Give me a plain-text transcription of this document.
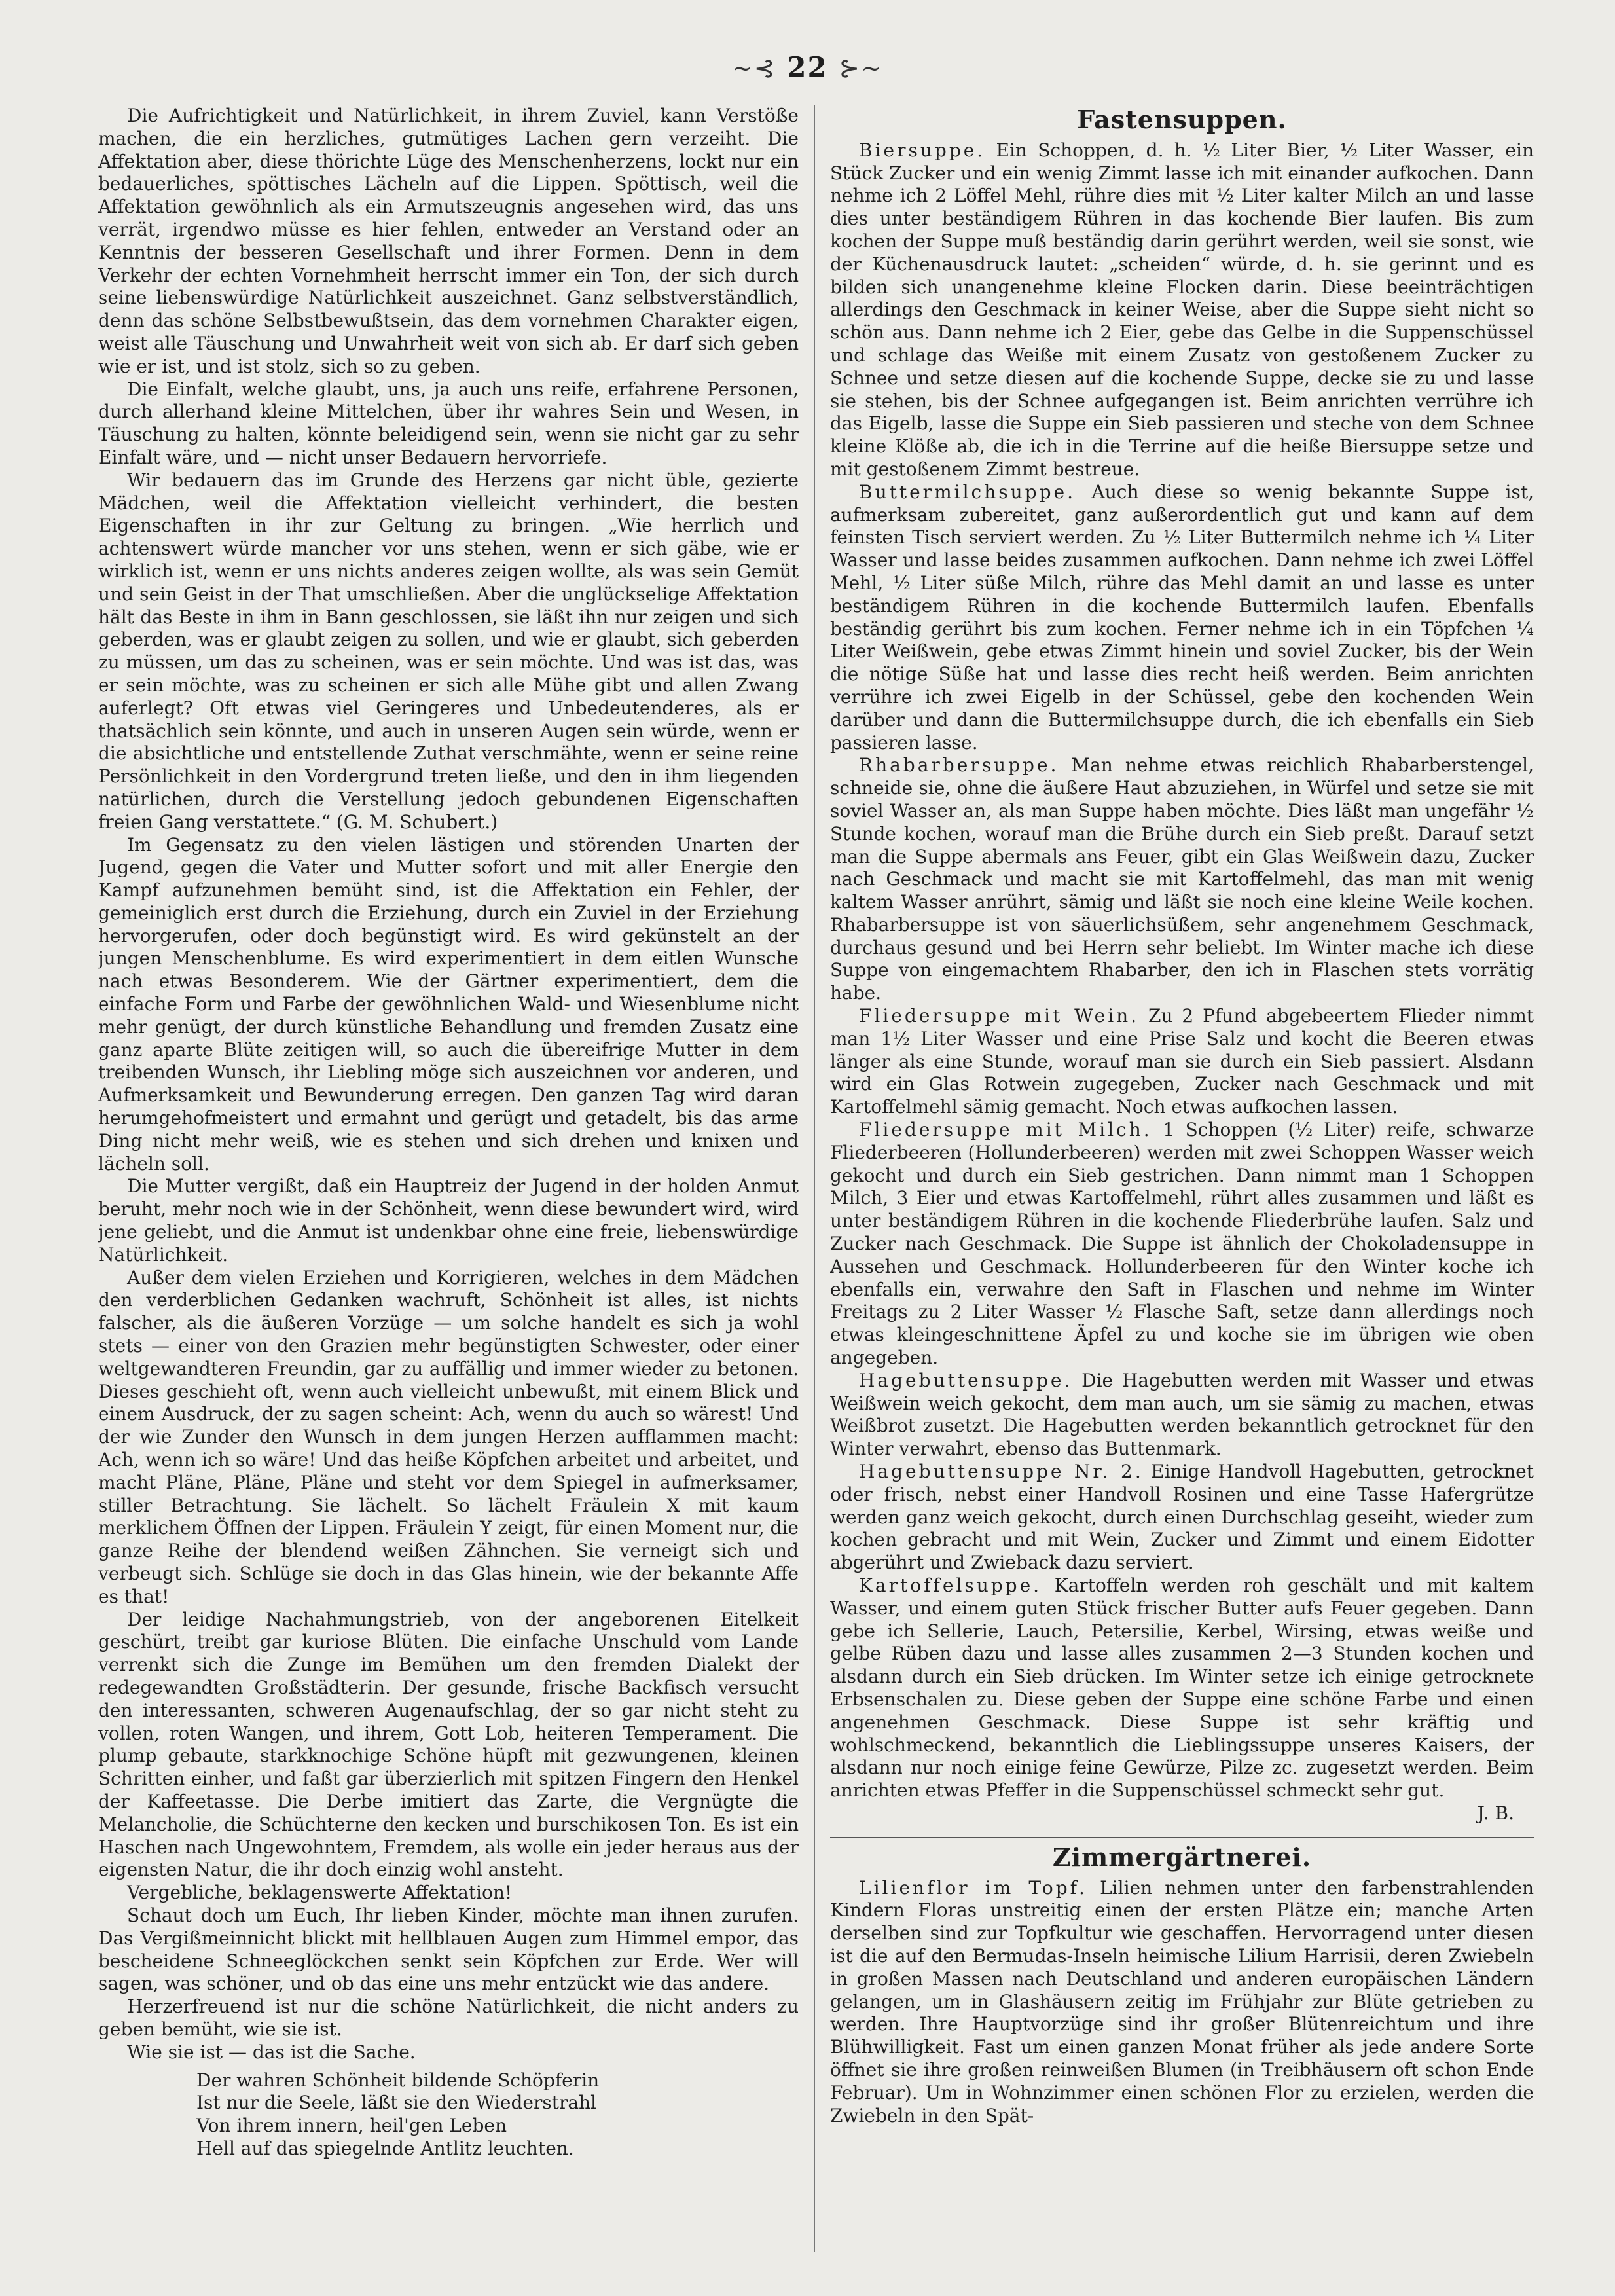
~⊰ 22 ⊱~

Die Aufrichtigkeit und Natürlichkeit, in ihrem Zuviel, kann Verstöße machen, die ein herzliches, gutmütiges Lachen gern verzeiht. Die Affektation aber, diese thörichte Lüge des Menschenherzens, lockt nur ein bedauerliches, spöttisches Lächeln auf die Lippen. Spöttisch, weil die Affektation gewöhnlich als ein Armutszeugnis angesehen wird, das uns verrät, irgendwo müsse es hier fehlen, entweder an Verstand oder an Kenntnis der besseren Gesellschaft und ihrer Formen. Denn in dem Verkehr der echten Vornehmheit herrscht immer ein Ton, der sich durch seine liebenswürdige Natürlichkeit auszeichnet. Ganz selbstverständlich, denn das schöne Selbstbewußtsein, das dem vornehmen Charakter eigen, weist alle Täuschung und Unwahrheit weit von sich ab. Er darf sich geben wie er ist, und ist stolz, sich so zu geben.

Die Einfalt, welche glaubt, uns, ja auch uns reife, erfahrene Personen, durch allerhand kleine Mittelchen, über ihr wahres Sein und Wesen, in Täuschung zu halten, könnte beleidigend sein, wenn sie nicht gar zu sehr Einfalt wäre, und — nicht unser Bedauern hervorriefe.

Wir bedauern das im Grunde des Herzens gar nicht üble, gezierte Mädchen, weil die Affektation vielleicht verhindert, die besten Eigenschaften in ihr zur Geltung zu bringen. „Wie herrlich und achtenswert würde mancher vor uns stehen, wenn er sich gäbe, wie er wirklich ist, wenn er uns nichts anderes zeigen wollte, als was sein Gemüt und sein Geist in der That umschließen. Aber die unglückselige Affektation hält das Beste in ihm in Bann geschlossen, sie läßt ihn nur zeigen und sich geberden, was er glaubt zeigen zu sollen, und wie er glaubt, sich geberden zu müssen, um das zu scheinen, was er sein möchte. Und was ist das, was er sein möchte, was zu scheinen er sich alle Mühe gibt und allen Zwang auferlegt? Oft etwas viel Geringeres und Unbedeutenderes, als er thatsächlich sein könnte, und auch in unseren Augen sein würde, wenn er die absichtliche und entstellende Zuthat verschmähte, wenn er seine reine Persönlichkeit in den Vordergrund treten ließe, und den in ihm liegenden natürlichen, durch die Verstellung jedoch gebundenen Eigenschaften freien Gang verstattete.“ (G. M. Schubert.)

Im Gegensatz zu den vielen lästigen und störenden Unarten der Jugend, gegen die Vater und Mutter sofort und mit aller Energie den Kampf aufzunehmen bemüht sind, ist die Affektation ein Fehler, der gemeiniglich erst durch die Erziehung, durch ein Zuviel in der Erziehung hervorgerufen, oder doch begünstigt wird. Es wird gekünstelt an der jungen Menschenblume. Es wird experimentiert in dem eitlen Wunsche nach etwas Besonderem. Wie der Gärtner experimentiert, dem die einfache Form und Farbe der gewöhnlichen Wald- und Wiesenblume nicht mehr genügt, der durch künstliche Behandlung und fremden Zusatz eine ganz aparte Blüte zeitigen will, so auch die übereifrige Mutter in dem treibenden Wunsch, ihr Liebling möge sich auszeichnen vor anderen, und Aufmerksamkeit und Bewunderung erregen. Den ganzen Tag wird daran herumgehofmeistert und ermahnt und gerügt und getadelt, bis das arme Ding nicht mehr weiß, wie es stehen und sich drehen und knixen und lächeln soll.

Die Mutter vergißt, daß ein Hauptreiz der Jugend in der holden Anmut beruht, mehr noch wie in der Schönheit, wenn diese bewundert wird, wird jene geliebt, und die Anmut ist undenkbar ohne eine freie, liebenswürdige Natürlichkeit.

Außer dem vielen Erziehen und Korrigieren, welches in dem Mädchen den verderblichen Gedanken wachruft, Schönheit ist alles, ist nichts falscher, als die äußeren Vorzüge — um solche handelt es sich ja wohl stets — einer von den Grazien mehr begünstigten Schwester, oder einer weltgewandteren Freundin, gar zu auffällig und immer wieder zu betonen. Dieses geschieht oft, wenn auch vielleicht unbewußt, mit einem Blick und einem Ausdruck, der zu sagen scheint: Ach, wenn du auch so wärest! Und der wie Zunder den Wunsch in dem jungen Herzen aufflammen macht: Ach, wenn ich so wäre! Und das heiße Köpfchen arbeitet und arbeitet, und macht Pläne, Pläne, Pläne und steht vor dem Spiegel in aufmerksamer, stiller Betrachtung. Sie lächelt. So lächelt Fräulein X mit kaum merklichem Öffnen der Lippen. Fräulein Y zeigt, für einen Moment nur, die ganze Reihe der blendend weißen Zähnchen. Sie verneigt sich und verbeugt sich. Schlüge sie doch in das Glas hinein, wie der bekannte Affe es that!

Der leidige Nachahmungstrieb, von der angeborenen Eitelkeit geschürt, treibt gar kuriose Blüten. Die einfache Unschuld vom Lande verrenkt sich die Zunge im Bemühen um den fremden Dialekt der redegewandten Großstädterin. Der gesunde, frische Backfisch versucht den interessanten, schweren Augenaufschlag, der so gar nicht steht zu vollen, roten Wangen, und ihrem, Gott Lob, heiteren Temperament. Die plump gebaute, starkknochige Schöne hüpft mit gezwungenen, kleinen Schritten einher, und faßt gar überzierlich mit spitzen Fingern den Henkel der Kaffeetasse. Die Derbe imitiert das Zarte, die Vergnügte die Melancholie, die Schüchterne den kecken und burschikosen Ton. Es ist ein Haschen nach Ungewohntem, Fremdem, als wolle ein jeder heraus aus der eigensten Natur, die ihr doch einzig wohl ansteht.

Vergebliche, beklagenswerte Affektation!

Schaut doch um Euch, Ihr lieben Kinder, möchte man ihnen zurufen. Das Vergißmeinnicht blickt mit hellblauen Augen zum Himmel empor, das bescheidene Schneeglöckchen senkt sein Köpfchen zur Erde. Wer will sagen, was schöner, und ob das eine uns mehr entzückt wie das andere.

Herzerfreuend ist nur die schöne Natürlichkeit, die nicht anders zu geben bemüht, wie sie ist.

Wie sie ist — das ist die Sache.

Der wahren Schönheit bildende Schöpferin
Ist nur die Seele, läßt sie den Wiederstrahl
Von ihrem innern, heil'gen Leben
Hell auf das spiegelnde Antlitz leuchten.
Fastensuppen.

Biersuppe. Ein Schoppen, d. h. ½ Liter Bier, ½ Liter Wasser, ein Stück Zucker und ein wenig Zimmt lasse ich mit einander aufkochen. Dann nehme ich 2 Löffel Mehl, rühre dies mit ½ Liter kalter Milch an und lasse dies unter beständigem Rühren in das kochende Bier laufen. Bis zum kochen der Suppe muß beständig darin gerührt werden, weil sie sonst, wie der Küchenausdruck lautet: „scheiden“ würde, d. h. sie gerinnt und es bilden sich unangenehme kleine Flocken darin. Diese beeinträchtigen allerdings den Geschmack in keiner Weise, aber die Suppe sieht nicht so schön aus. Dann nehme ich 2 Eier, gebe das Gelbe in die Suppenschüssel und schlage das Weiße mit einem Zusatz von gestoßenem Zucker zu Schnee und setze diesen auf die kochende Suppe, decke sie zu und lasse sie stehen, bis der Schnee aufgegangen ist. Beim anrichten verrühre ich das Eigelb, lasse die Suppe ein Sieb passieren und steche von dem Schnee kleine Klöße ab, die ich in die Terrine auf die heiße Biersuppe setze und mit gestoßenem Zimmt bestreue.

Buttermilchsuppe. Auch diese so wenig bekannte Suppe ist, aufmerksam zubereitet, ganz außerordentlich gut und kann auf dem feinsten Tisch serviert werden. Zu ½ Liter Buttermilch nehme ich ¼ Liter Wasser und lasse beides zusammen aufkochen. Dann nehme ich zwei Löffel Mehl, ½ Liter süße Milch, rühre das Mehl damit an und lasse es unter beständigem Rühren in die kochende Buttermilch laufen. Ebenfalls beständig gerührt bis zum kochen. Ferner nehme ich in ein Töpfchen ¼ Liter Weißwein, gebe etwas Zimmt hinein und soviel Zucker, bis der Wein die nötige Süße hat und lasse dies recht heiß werden. Beim anrichten verrühre ich zwei Eigelb in der Schüssel, gebe den kochenden Wein darüber und dann die Buttermilchsuppe durch, die ich ebenfalls ein Sieb passieren lasse.

Rhabarbersuppe. Man nehme etwas reichlich Rhabarberstengel, schneide sie, ohne die äußere Haut abzuziehen, in Würfel und setze sie mit soviel Wasser an, als man Suppe haben möchte. Dies läßt man ungefähr ½ Stunde kochen, worauf man die Brühe durch ein Sieb preßt. Darauf setzt man die Suppe abermals ans Feuer, gibt ein Glas Weißwein dazu, Zucker nach Geschmack und macht sie mit Kartoffelmehl, das man mit wenig kaltem Wasser anrührt, sämig und läßt sie noch eine kleine Weile kochen. Rhabarbersuppe ist von säuerlichsüßem, sehr angenehmem Geschmack, durchaus gesund und bei Herrn sehr beliebt. Im Winter mache ich diese Suppe von eingemachtem Rhabarber, den ich in Flaschen stets vorrätig habe.

Fliedersuppe mit Wein. Zu 2 Pfund abgebeertem Flieder nimmt man 1½ Liter Wasser und eine Prise Salz und kocht die Beeren etwas länger als eine Stunde, worauf man sie durch ein Sieb passiert. Alsdann wird ein Glas Rotwein zugegeben, Zucker nach Geschmack und mit Kartoffelmehl sämig gemacht. Noch etwas aufkochen lassen.

Fliedersuppe mit Milch. 1 Schoppen (½ Liter) reife, schwarze Fliederbeeren (Hollunderbeeren) werden mit zwei Schoppen Wasser weich gekocht und durch ein Sieb gestrichen. Dann nimmt man 1 Schoppen Milch, 3 Eier und etwas Kartoffelmehl, rührt alles zusammen und läßt es unter beständigem Rühren in die kochende Fliederbrühe laufen. Salz und Zucker nach Geschmack. Die Suppe ist ähnlich der Chokoladensuppe in Aussehen und Geschmack. Hollunderbeeren für den Winter koche ich ebenfalls ein, verwahre den Saft in Flaschen und nehme im Winter Freitags zu 2 Liter Wasser ½ Flasche Saft, setze dann allerdings noch etwas kleingeschnittene Äpfel zu und koche sie im übrigen wie oben angegeben.

Hagebuttensuppe. Die Hagebutten werden mit Wasser und etwas Weißwein weich gekocht, dem man auch, um sie sämig zu machen, etwas Weißbrot zusetzt. Die Hagebutten werden bekanntlich getrocknet für den Winter verwahrt, ebenso das Buttenmark.

Hagebuttensuppe Nr. 2. Einige Handvoll Hagebutten, getrocknet oder frisch, nebst einer Handvoll Rosinen und eine Tasse Hafergrütze werden ganz weich gekocht, durch einen Durchschlag geseiht, wieder zum kochen gebracht und mit Wein, Zucker und Zimmt und einem Eidotter abgerührt und Zwieback dazu serviert.

Kartoffelsuppe. Kartoffeln werden roh geschält und mit kaltem Wasser, und einem guten Stück frischer Butter aufs Feuer gegeben. Dann gebe ich Sellerie, Lauch, Petersilie, Kerbel, Wirsing, etwas weiße und gelbe Rüben dazu und lasse alles zusammen 2—3 Stunden kochen und alsdann durch ein Sieb drücken. Im Winter setze ich einige getrocknete Erbsenschalen zu. Diese geben der Suppe eine schöne Farbe und einen angenehmen Geschmack. Diese Suppe ist sehr kräftig und wohlschmeckend, bekanntlich die Lieblingssuppe unseres Kaisers, der alsdann nur noch einige feine Gewürze, Pilze zc. zugesetzt werden. Beim anrichten etwas Pfeffer in die Suppenschüssel schmeckt sehr gut.

J. B.
Zimmergärtnerei.

Lilienflor im Topf. Lilien nehmen unter den farbenstrahlenden Kindern Floras unstreitig einen der ersten Plätze ein; manche Arten derselben sind zur Topfkultur wie geschaffen. Hervorragend unter diesen ist die auf den Bermudas-Inseln heimische Lilium Harrisii, deren Zwiebeln in großen Massen nach Deutschland und anderen europäischen Ländern gelangen, um in Glashäusern zeitig im Frühjahr zur Blüte getrieben zu werden. Ihre Hauptvorzüge sind ihr großer Blütenreichtum und ihre Blühwilligkeit. Fast um einen ganzen Monat früher als jede andere Sorte öffnet sie ihre großen reinweißen Blumen (in Treibhäusern oft schon Ende Februar). Um in Wohnzimmer einen schönen Flor zu erzielen, werden die Zwiebeln in den Spät-
